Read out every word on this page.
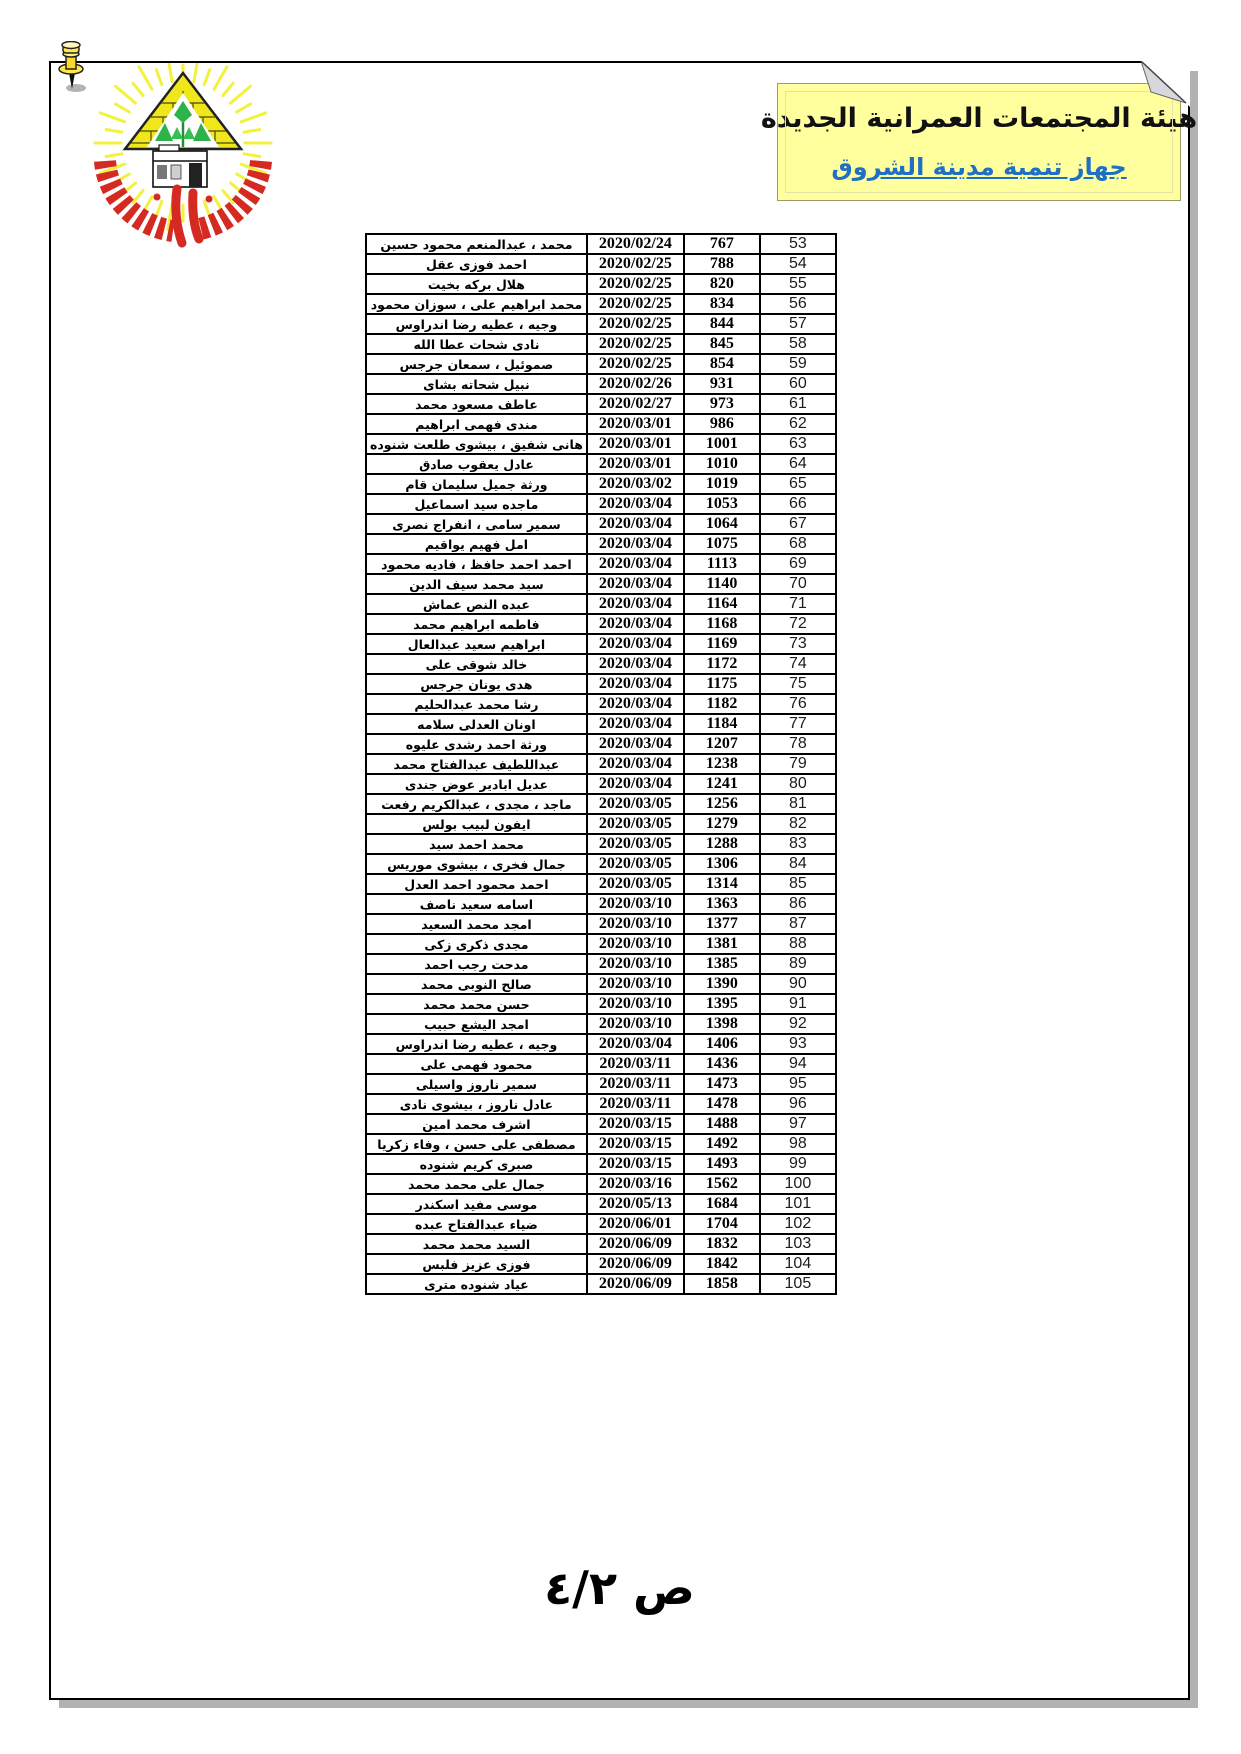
هيئة المجتمعات العمرانية الجديدة
جهاز تنمية مدينة الشروق
محمد ، عبدالمنعم محمود حسين	2020/02/24	767	53
احمد فوزى عقل	2020/02/25	788	54
هلال بركه بخيت	2020/02/25	820	55
محمد ابراهيم على ، سوزان محمود	2020/02/25	834	56
وجيه ، عطيه رضا اندراوس	2020/02/25	844	57
نادى شحات عطا الله	2020/02/25	845	58
صموئيل ، سمعان جرجس	2020/02/25	854	59
نبيل شحاته بشاى	2020/02/26	931	60
عاطف مسعود محمد	2020/02/27	973	61
مندى فهمى ابراهيم	2020/03/01	986	62
هانى شفيق ، بيشوى طلعت شنوده	2020/03/01	1001	63
عادل يعقوب صادق	2020/03/01	1010	64
ورثة جميل سليمان قام	2020/03/02	1019	65
ماجده سيد اسماعيل	2020/03/04	1053	66
سمير سامى ، انفراج نصرى	2020/03/04	1064	67
امل فهيم يواقيم	2020/03/04	1075	68
احمد احمد حافظ ، فاديه محمود	2020/03/04	1113	69
سيد محمد سيف الدين	2020/03/04	1140	70
عبده النص عماش	2020/03/04	1164	71
فاطمه ابراهيم محمد	2020/03/04	1168	72
ابراهيم سعيد عبدالعال	2020/03/04	1169	73
خالد شوقى على	2020/03/04	1172	74
هدى يونان جرجس	2020/03/04	1175	75
رشا محمد عبدالحليم	2020/03/04	1182	76
اونان العدلى سلامه	2020/03/04	1184	77
ورثة احمد رشدى عليوه	2020/03/04	1207	78
عبداللطيف عبدالفتاح محمد	2020/03/04	1238	79
عديل ابادير عوض جندى	2020/03/04	1241	80
ماجد ، مجدى ، عبدالكريم رفعت	2020/03/05	1256	81
ايفون لبيب بولس	2020/03/05	1279	82
محمد احمد سيد	2020/03/05	1288	83
جمال فخرى ، بيشوى موريس	2020/03/05	1306	84
احمد محمود احمد العدل	2020/03/05	1314	85
اسامه سعيد ناصف	2020/03/10	1363	86
امجد محمد السعيد	2020/03/10	1377	87
مجدى ذكرى زكى	2020/03/10	1381	88
مدحت رجب احمد	2020/03/10	1385	89
صالح النوبى محمد	2020/03/10	1390	90
حسن محمد محمد	2020/03/10	1395	91
امجد اليشع حبيب	2020/03/10	1398	92
وجيه ، عطيه رضا اندراوس	2020/03/04	1406	93
محمود فهمى على	2020/03/11	1436	94
سمير ناروز واسيلى	2020/03/11	1473	95
عادل ناروز ، بيشوى نادى	2020/03/11	1478	96
اشرف محمد امين	2020/03/15	1488	97
مصطفى على حسن ، وفاء زكريا	2020/03/15	1492	98
صبرى كريم شنوده	2020/03/15	1493	99
جمال على محمد محمد	2020/03/16	1562	100
موسى مفيد اسكندر	2020/05/13	1684	101
ضياء عبدالفتاح عبده	2020/06/01	1704	102
السيد محمد محمد	2020/06/09	1832	103
فوزى عزيز فلبس	2020/06/09	1842	104
عياد شنوده مترى	2020/06/09	1858	105
ص ٤/٢
